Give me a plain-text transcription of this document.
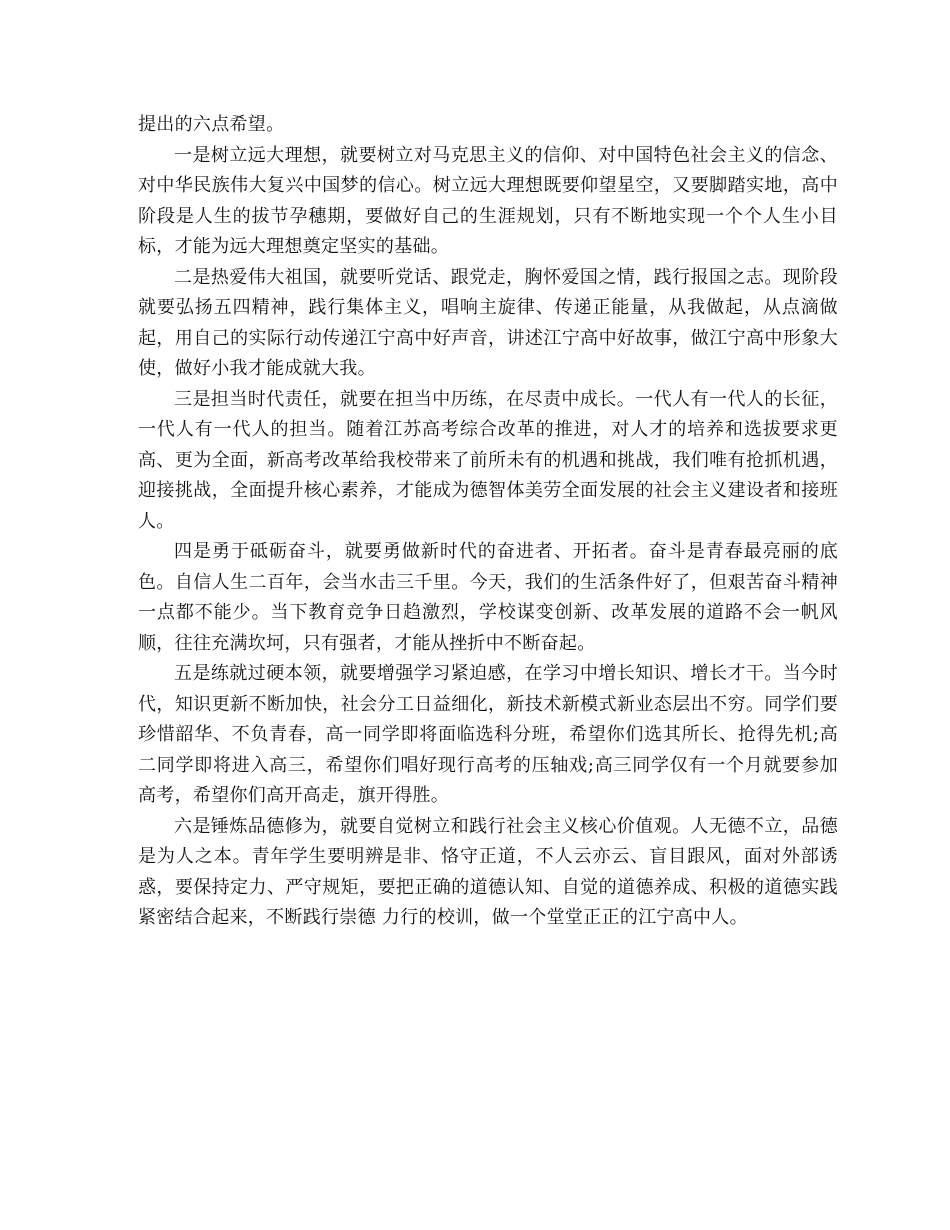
提出的六点希望。

一是树立远大理想，就要树立对马克思主义的信仰、对中国特色社会主义的信念、对中华民族伟大复兴中国梦的信心。树立远大理想既要仰望星空，又要脚踏实地，高中阶段是人生的拔节孕穗期，要做好自己的生涯规划，只有不断地实现一个个人生小目标，才能为远大理想奠定坚实的基础。

二是热爱伟大祖国，就要听党话、跟党走，胸怀爱国之情，践行报国之志。现阶段就要弘扬五四精神，践行集体主义，唱响主旋律、传递正能量，从我做起，从点滴做起，用自己的实际行动传递江宁高中好声音，讲述江宁高中好故事，做江宁高中形象大使，做好小我才能成就大我。

三是担当时代责任，就要在担当中历练，在尽责中成长。一代人有一代人的长征，一代人有一代人的担当。随着江苏高考综合改革的推进，对人才的培养和选拔要求更高、更为全面，新高考改革给我校带来了前所未有的机遇和挑战，我们唯有抢抓机遇，迎接挑战，全面提升核心素养，才能成为德智体美劳全面发展的社会主义建设者和接班人。

四是勇于砥砺奋斗，就要勇做新时代的奋进者、开拓者。奋斗是青春最亮丽的底色。自信人生二百年，会当水击三千里。今天，我们的生活条件好了，但艰苦奋斗精神一点都不能少。当下教育竞争日趋激烈，学校谋变创新、改革发展的道路不会一帆风顺，往往充满坎坷，只有强者，才能从挫折中不断奋起。

五是练就过硬本领，就要增强学习紧迫感，在学习中增长知识、增长才干。当今时代，知识更新不断加快，社会分工日益细化，新技术新模式新业态层出不穷。同学们要珍惜韶华、不负青春，高一同学即将面临选科分班，希望你们选其所长、抢得先机;高二同学即将进入高三，希望你们唱好现行高考的压轴戏;高三同学仅有一个月就要参加高考，希望你们高开高走，旗开得胜。

六是锤炼品德修为，就要自觉树立和践行社会主义核心价值观。人无德不立，品德是为人之本。青年学生要明辨是非、恪守正道，不人云亦云、盲目跟风，面对外部诱惑，要保持定力、严守规矩，要把正确的道德认知、自觉的道德养成、积极的道德实践紧密结合起来，不断践行崇德 力行的校训，做一个堂堂正正的江宁高中人。
